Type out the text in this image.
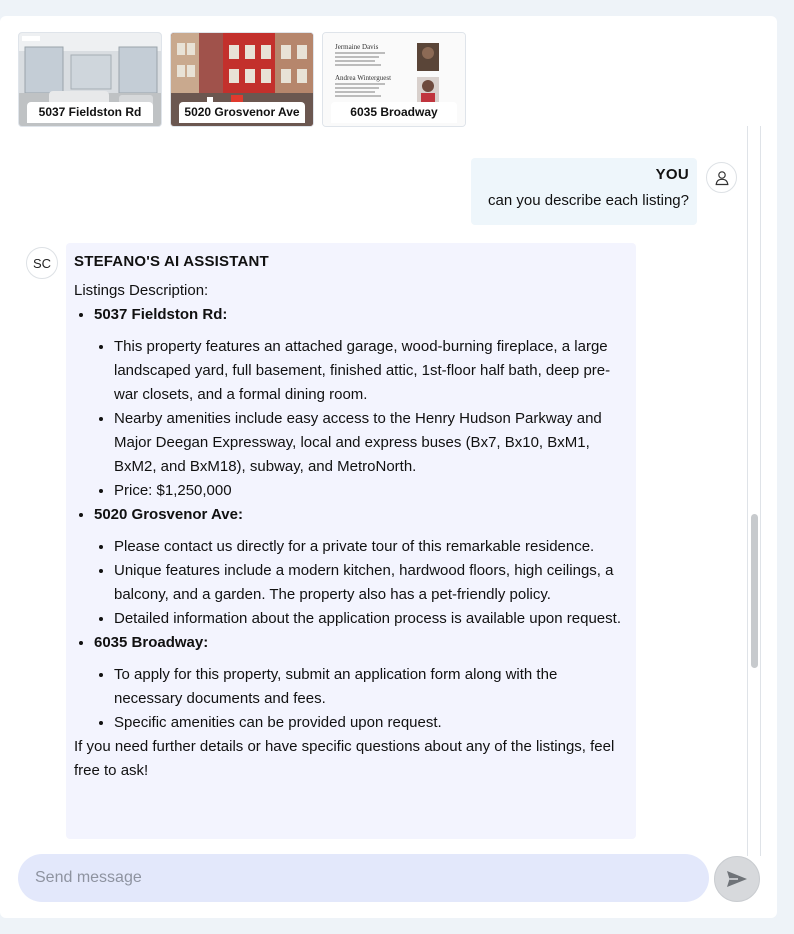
5037 Fieldston Rd	5020 Grosvenor Ave
Jermaine Davis
Andrea Winterguest
6035 Broadway
YOU
can you describe each listing?
SC	STEFANO'S AI ASSISTANT
Listings Description:
• 5037 Fieldston Rd:
• This property features an attached garage, wood-burning fireplace, a large landscaped yard, full basement, finished attic, 1st-floor half bath, deep pre-war closets, and a formal dining room.
• Nearby amenities include easy access to the Henry Hudson Parkway and Major Deegan Expressway, local and express buses (Bx7, Bx10, BxM1, BxM2, and BxM18), subway, and MetroNorth.
• Price: $1,250,000
• 5020 Grosvenor Ave:
• Please contact us directly for a private tour of this remarkable residence.
• Unique features include a modern kitchen, hardwood floors, high ceilings, a balcony, and a garden. The property also has a pet-friendly policy.
• Detailed information about the application process is available upon request.
• 6035 Broadway:
• To apply for this property, submit an application form along with the necessary documents and fees.
• Specific amenities can be provided upon request.
If you need further details or have specific questions about any of the listings, feel free to ask!
Send message
